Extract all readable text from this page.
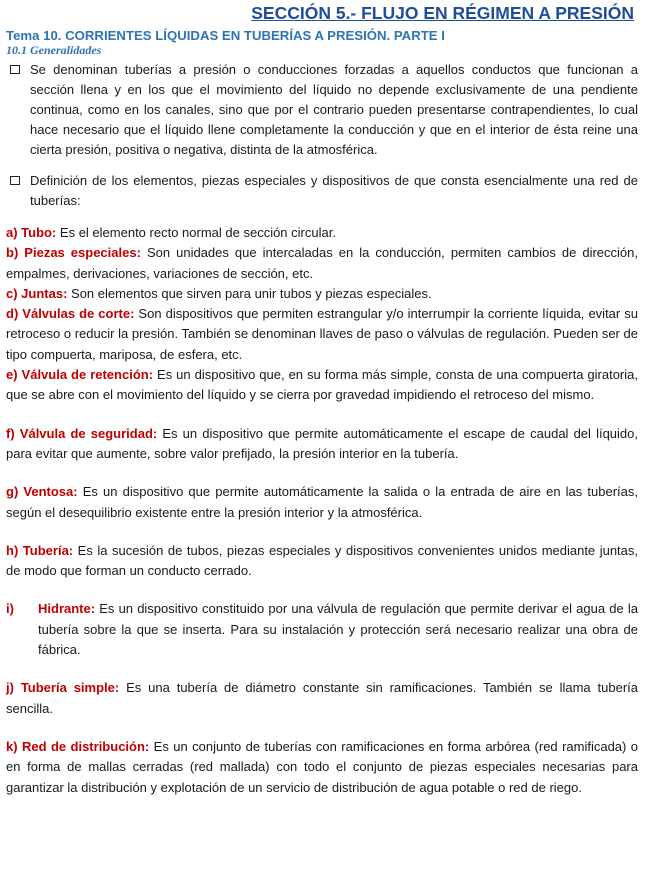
SECCIÓN 5.- FLUJO EN RÉGIMEN A PRESIÓN
Tema 10. CORRIENTES LÍQUIDAS EN TUBERÍAS A PRESIÓN. PARTE I
10.1 Generalidades
Se denominan tuberías a presión o conducciones forzadas a aquellos conductos que funcionan a sección llena y en los que el movimiento del líquido no depende exclusivamente de una pendiente continua, como en los canales, sino que por el contrario pueden presentarse contrapendientes, lo cual hace necesario que el líquido llene completamente la conducción y que en el interior de ésta reine una cierta presión, positiva o negativa, distinta de la atmosférica.
Definición de los elementos, piezas especiales y dispositivos de que consta esencialmente una red de tuberías:

a) Tubo: Es el elemento recto normal de sección circular.

b) Piezas especiales: Son unidades que intercaladas en la conducción, permiten cambios de dirección, empalmes, derivaciones, variaciones de sección, etc.

c) Juntas: Son elementos que sirven para unir tubos y piezas especiales.

d) Válvulas de corte: Son dispositivos que permiten estrangular y/o interrumpir la corriente líquida, evitar su retroceso o reducir la presión. También se denominan llaves de paso o válvulas de regulación. Pueden ser de tipo compuerta, mariposa, de esfera, etc.

e) Válvula de retención: Es un dispositivo que, en su forma más simple, consta de una compuerta giratoria, que se abre con el movimiento del líquido y se cierra por gravedad impidiendo el retroceso del mismo.

f) Válvula de seguridad: Es un dispositivo que permite automáticamente el escape de caudal del líquido, para evitar que aumente, sobre valor prefijado, la presión interior en la tubería.

g) Ventosa: Es un dispositivo que permite automáticamente la salida o la entrada de aire en las tuberías, según el desequilibrio existente entre la presión interior y la atmosférica.

h) Tubería: Es la sucesión de tubos, piezas especiales y dispositivos convenientes unidos mediante juntas, de modo que forman un conducto cerrado.

i)	Hidrante: Es un dispositivo constituido por una válvula de regulación que permite derivar el agua de la tubería sobre la que se inserta. Para su instalación y protección será necesario realizar una obra de fábrica.

j) Tubería simple: Es una tubería de diámetro constante sin ramificaciones. También se llama tubería sencilla.

k) Red de distribución: Es un conjunto de tuberías con ramificaciones en forma arbórea (red ramificada) o en forma de mallas cerradas (red mallada) con todo el conjunto de piezas especiales necesarias para garantizar la distribución y explotación de un servicio de distribución de agua potable o red de riego.
